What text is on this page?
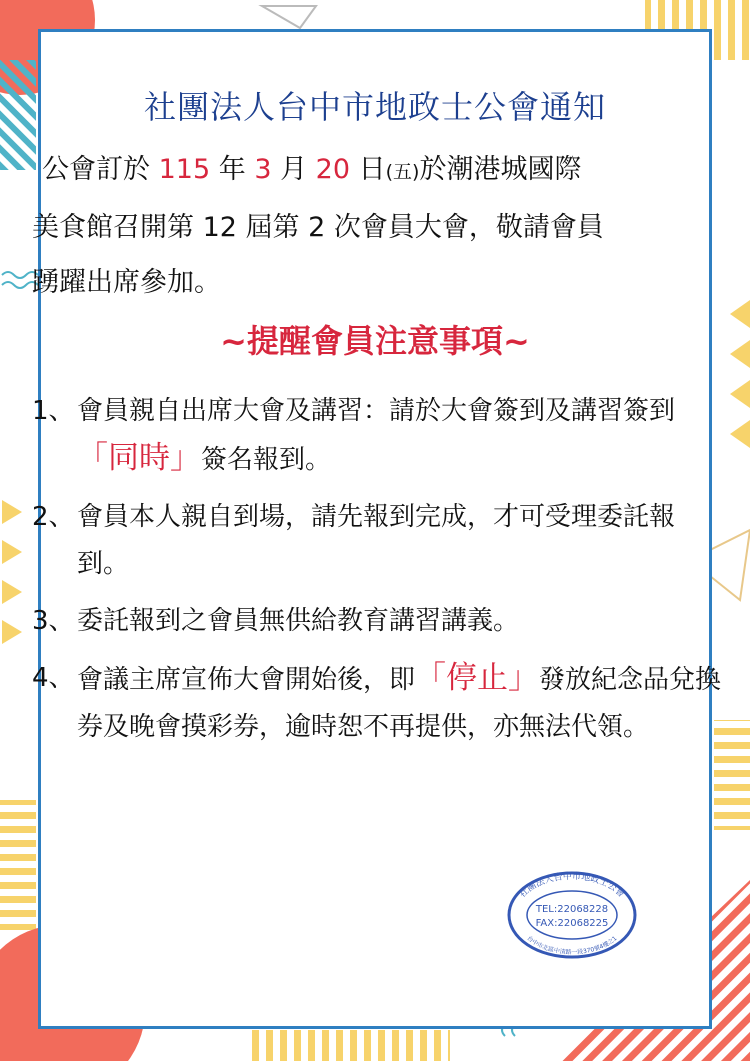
社團法人台中市地政士公會通知
公會訂於 115 年 3 月 20 日(五)於潮港城國際
美食館召開第 12 屆第 2 次會員大會，敬請會員
踴躍出席參加。
~提醒會員注意事項~
1、 會員親自出席大會及講習：請於大會簽到及講習簽到「同時」簽名報到。
2、 會員本人親自到場，請先報到完成，才可受理委託報到。
3、 委託報到之會員無供給教育講習講義。
4、 會議主席宣佈大會開始後，即「停止」發放紀念品兌換券及晚會摸彩券，逾時恕不再提供，亦無法代領。
社團法人台中市地政士公會
台中市北區中清路一段370號4樓之1
TEL:22068228
FAX:22068225
